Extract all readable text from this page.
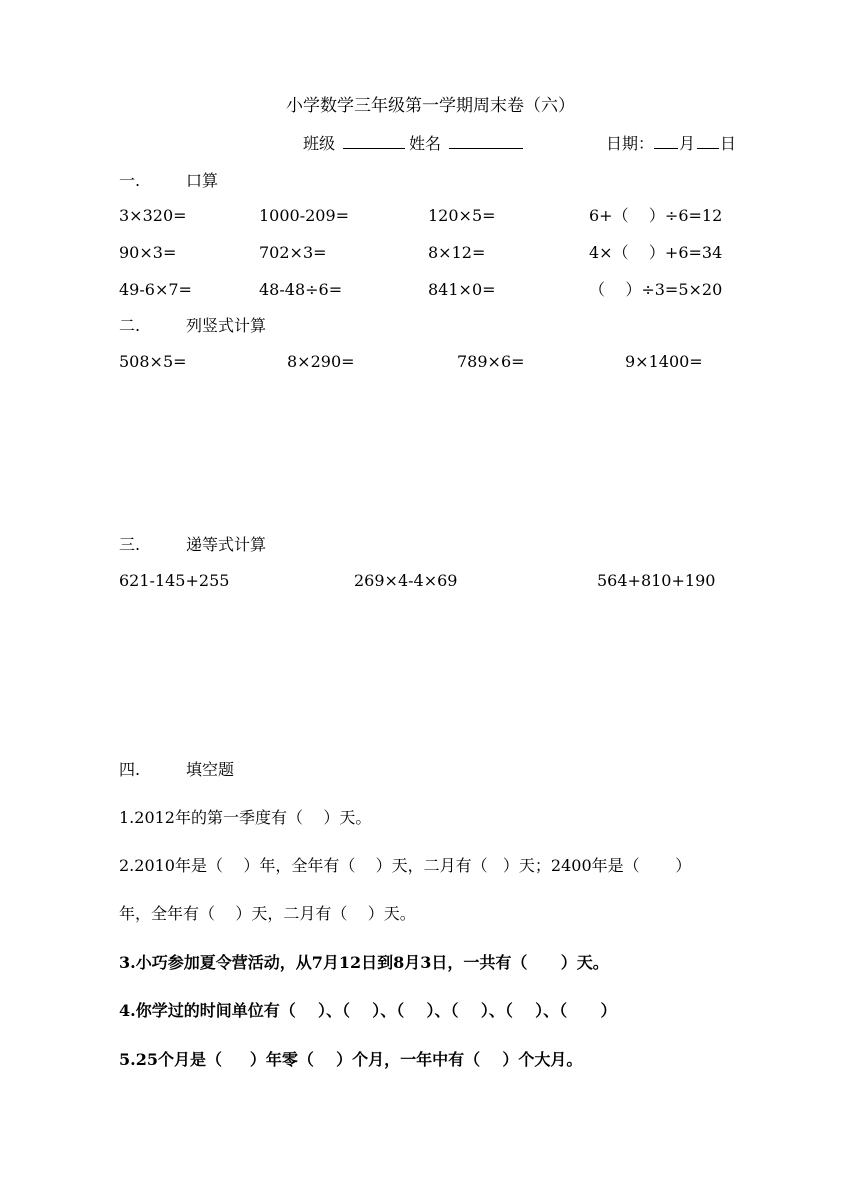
小学数学三年级第一学期周末卷（六）
班级	姓名	日期： 月 日
一.	口算
3×320=	1000-209=	120×5=	6+（    ）÷6=12
90×3=	702×3=	8×12=	4×（    ）+6=34
49-6×7=	48-48÷6=	841×0=	（    ）÷3=5×20
二.	列竖式计算
508×5=	8×290=	789×6=	9×1400=
三.	递等式计算
621-145+255	269×4-4×69	564+810+190
四.	填空题
1.2012年的第一季度有（    ）天。
2.2010年是（    ）年，全年有（    ）天，二月有（   ）天；2400年是（       ）
年，全年有（    ）天，二月有（    ）天。
3.小巧参加夏令营活动，从7月12日到8月3日，一共有（      ）天。
4.你学过的时间单位有（    ）、（    ）、（    ）、（    ）、（    ）、（      ）
5.25个月是（     ）年零（    ）个月，一年中有（    ）个大月。
